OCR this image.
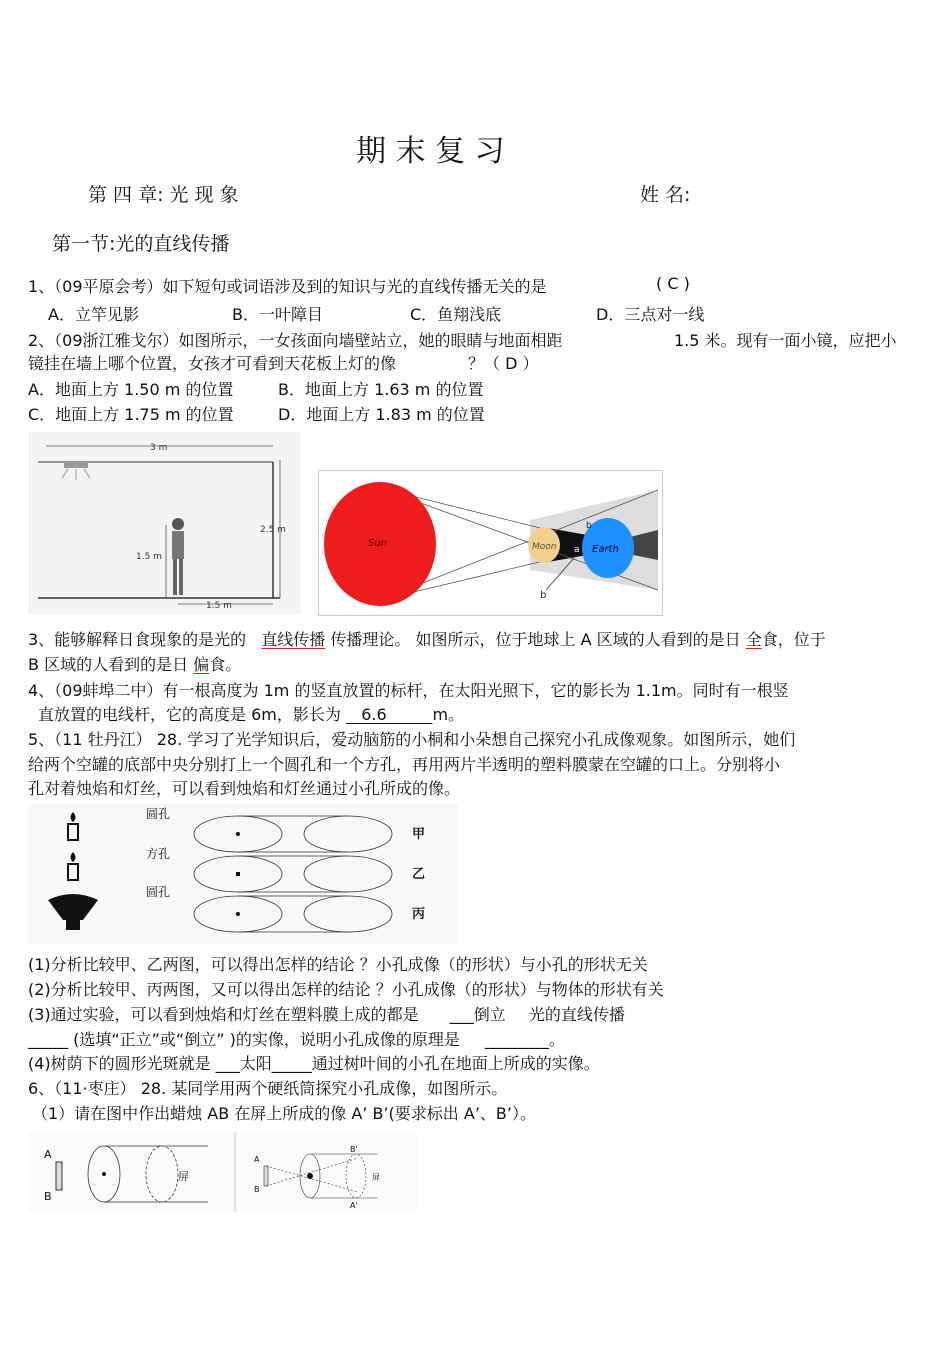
期 末 复 习
第 四 章: 光 现 象	姓 名:
第一节:光的直线传播
1、（09平原会考）如下短句或词语涉及到的知识与光的直线传播无关的是	( C )
A．立竿见影	B．一叶障目	C．鱼翔浅底	D．三点对一线
2、（09浙江雅戈尔）如图所示，一女孩面向墙壁站立，她的眼睛与地面相距	1.5 米。现有一面小镜，应把小
镜挂在墙上哪个位置，女孩才可看到天花板上灯的像	？（ D ）
A．地面上方 1.50 m 的位置	B．地面上方 1.63 m 的位置
C．地面上方 1.75 m 的位置	D．地面上方 1.83 m 的位置
3 m
2.5 m
1.5 m
1.5 m
Sun	Moon	Earth
a
b
b
3、能够解释日食现象的是光的 直线传播 传播理论。 如图所示，位于地球上 A 区域的人看到的是日 全食，位于
B 区域的人看到的是日 偏食。
4、（09蚌埠二中）有一根高度为 1m 的竖直放置的标杆，在太阳光照下，它的影长为 1.1m。同时有一根竖
直放置的电线杆，它的高度是 6m，影长为    6.6         m。
5、（11 牡丹江） 28. 学习了光学知识后，爱动脑筋的小桐和小朵想自己探究小孔成像观象。如图所示，她们
给两个空罐的底部中央分别打上一个圆孔和一个方孔，再用两片半透明的塑料膜蒙在空罐的口上。分别将小
孔对着烛焰和灯丝，可以看到烛焰和灯丝通过小孔所成的像。
圆孔
方孔
圆孔
甲
乙
丙
(1)分析比较甲、乙两图，可以得出怎样的结论 ？小孔成像（的形状）与小孔的形状无关
(2)分析比较甲、丙两图，又可以得出怎样的结论 ？小孔成像（的形状）与物体的形状有关
(3)通过实验，可以看到烛焰和灯丝在塑料膜上成的都是 ___倒立 光的直线传播
_____ (选填“正立”或“倒立” )的实像，说明小孔成像的原理是 ________。
(4)树荫下的圆形光斑就是 ___太阳_____通过树叶间的小孔在地面上所成的实像。
6、（11·枣庄） 28. 某同学用两个硬纸筒探究小孔成像，如图所示。
（1）请在图中作出蜡烛 AB 在屏上所成的像 A’ B’(要求标出 A’、B’）。
A
B
屏
A
B
B'
A'
屏
